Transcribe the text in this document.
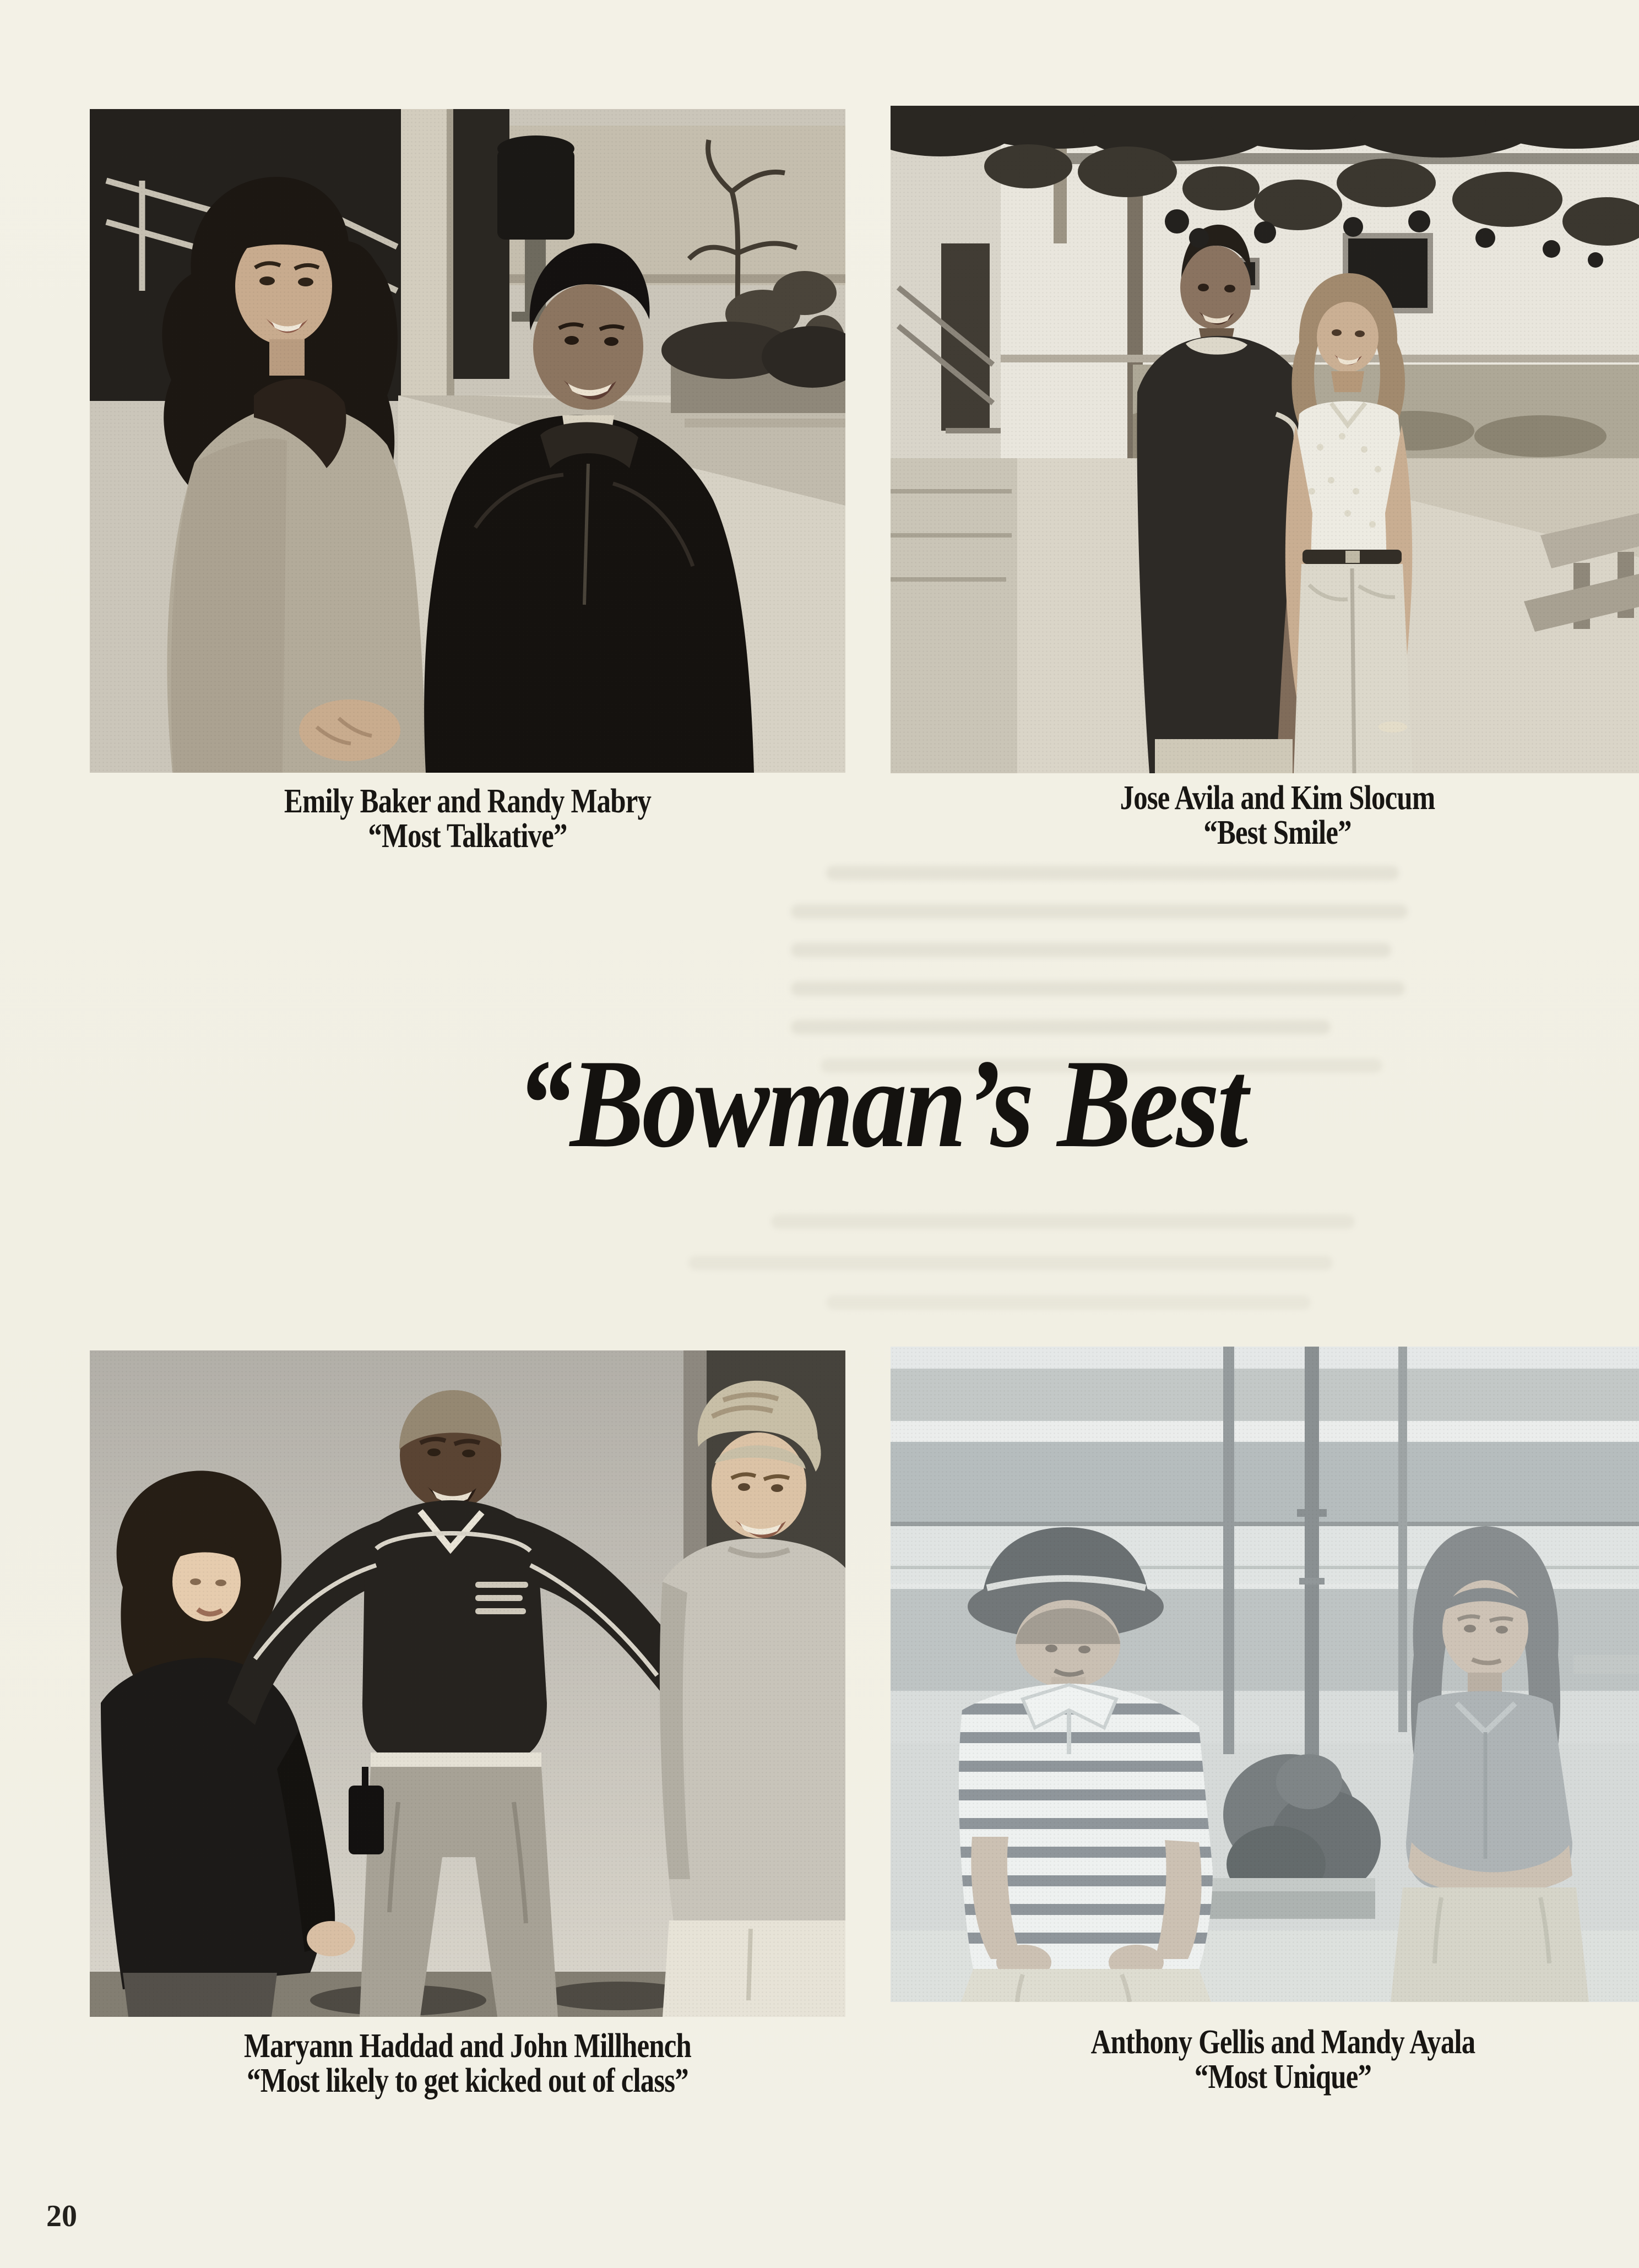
Emily Baker and Randy Mabry
“Most Talkative”
Jose Avila and Kim Slocum
“Best Smile”
“Bowman’s Best
Maryann Haddad and John Millhench
“Most likely to get kicked out of class”
Anthony Gellis and Mandy Ayala
“Most Unique”
20
